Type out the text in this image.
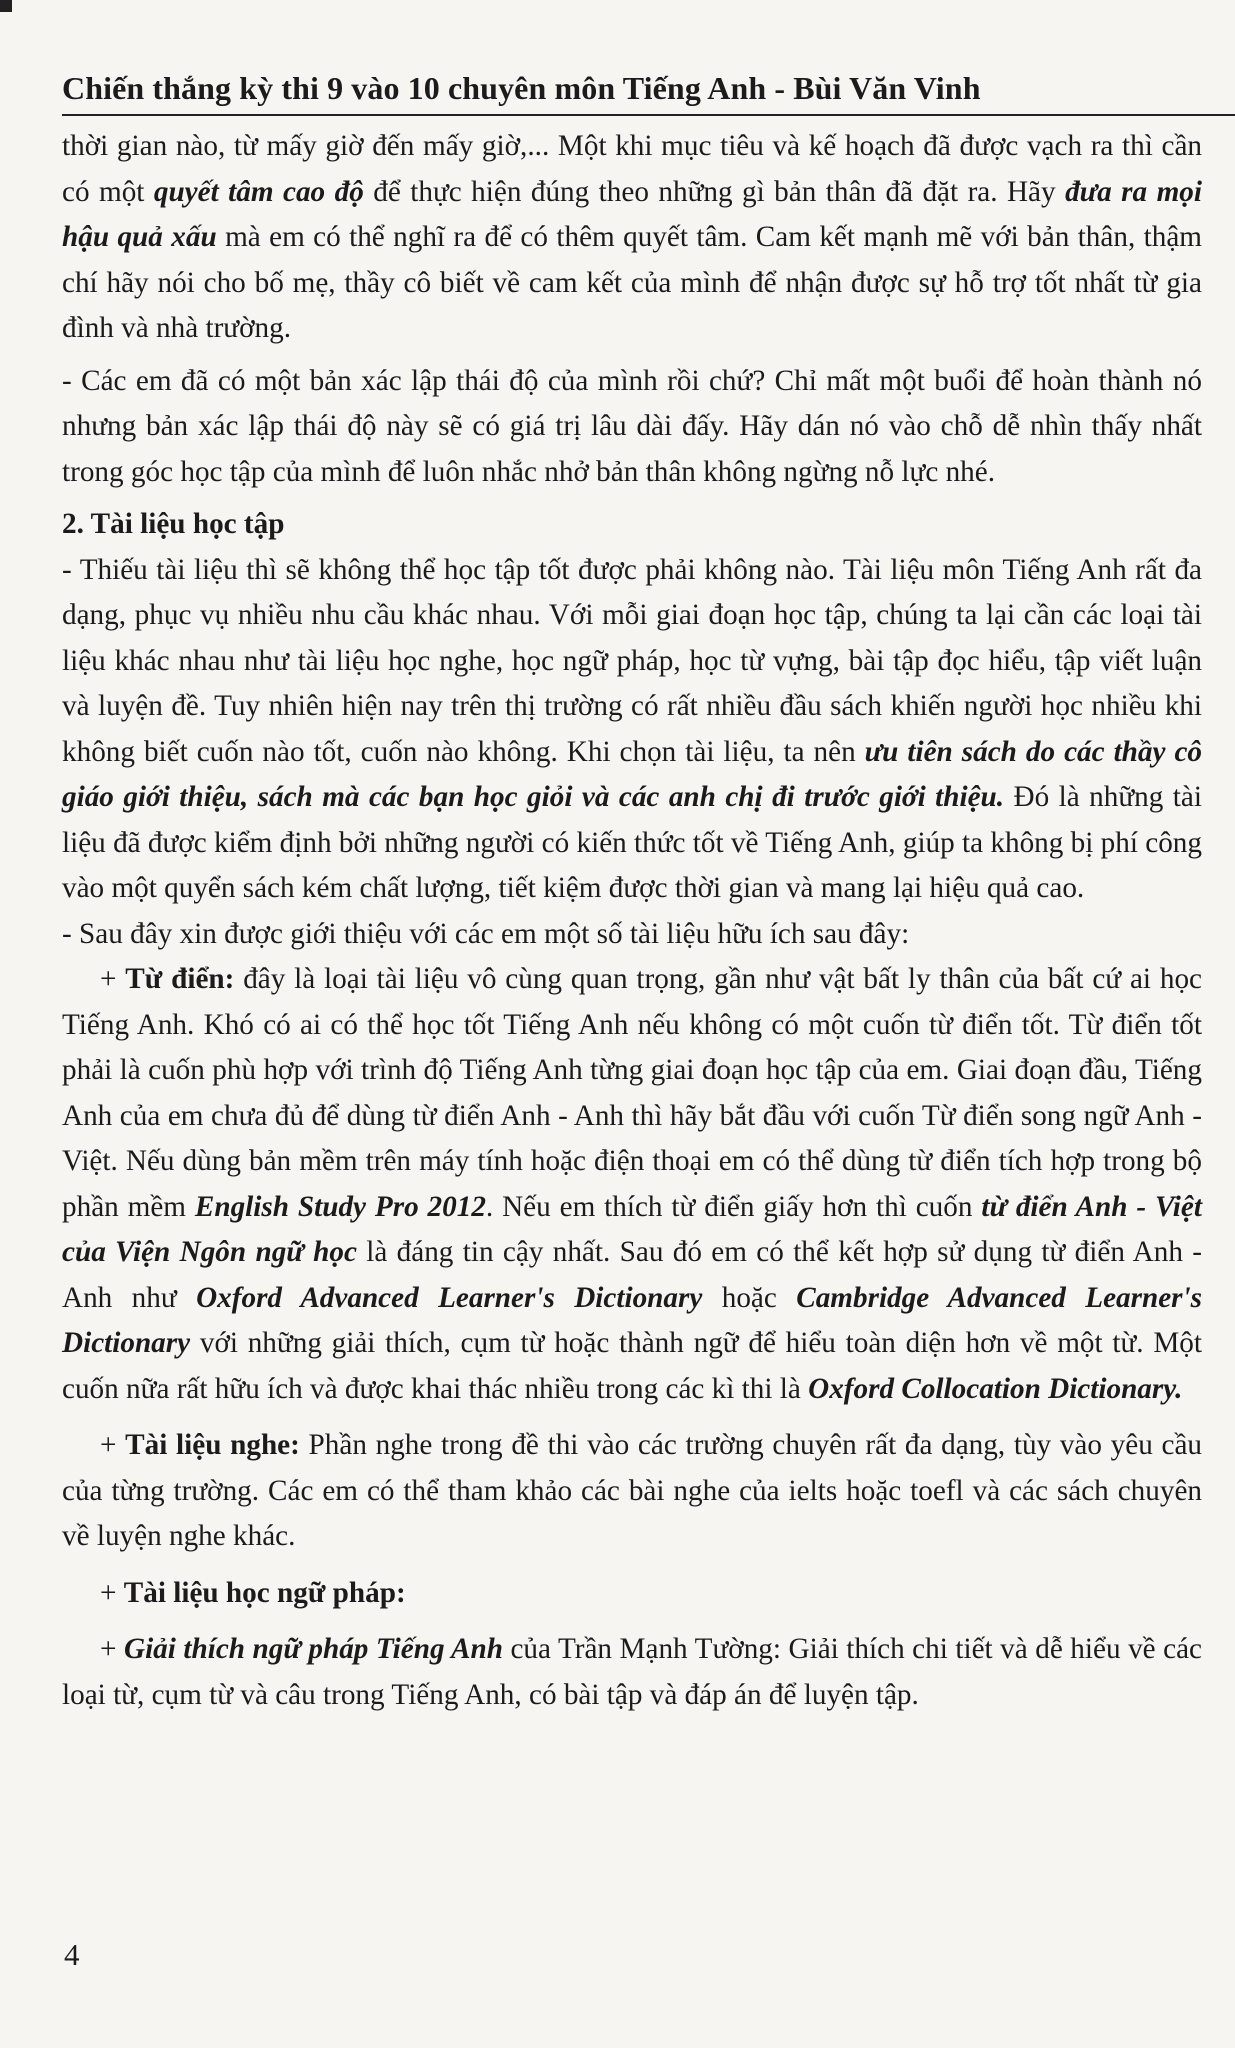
Chiến thắng kỳ thi 9 vào 10 chuyên môn Tiếng Anh - Bùi Văn Vinh

thời gian nào, từ mấy giờ đến mấy giờ,... Một khi mục tiêu và kế hoạch đã được vạch ra thì cần có một quyết tâm cao độ để thực hiện đúng theo những gì bản thân đã đặt ra. Hãy đưa ra mọi hậu quả xấu mà em có thể nghĩ ra để có thêm quyết tâm. Cam kết mạnh mẽ với bản thân, thậm chí hãy nói cho bố mẹ, thầy cô biết về cam kết của mình để nhận được sự hỗ trợ tốt nhất từ gia đình và nhà trường.

- Các em đã có một bản xác lập thái độ của mình rồi chứ? Chỉ mất một buổi để hoàn thành nó nhưng bản xác lập thái độ này sẽ có giá trị lâu dài đấy. Hãy dán nó vào chỗ dễ nhìn thấy nhất trong góc học tập của mình để luôn nhắc nhở bản thân không ngừng nỗ lực nhé.

2. Tài liệu học tập

- Thiếu tài liệu thì sẽ không thể học tập tốt được phải không nào. Tài liệu môn Tiếng Anh rất đa dạng, phục vụ nhiều nhu cầu khác nhau. Với mỗi giai đoạn học tập, chúng ta lại cần các loại tài liệu khác nhau như tài liệu học nghe, học ngữ pháp, học từ vựng, bài tập đọc hiểu, tập viết luận và luyện đề. Tuy nhiên hiện nay trên thị trường có rất nhiều đầu sách khiến người học nhiều khi không biết cuốn nào tốt, cuốn nào không. Khi chọn tài liệu, ta nên ưu tiên sách do các thầy cô giáo giới thiệu, sách mà các bạn học giỏi và các anh chị đi trước giới thiệu. Đó là những tài liệu đã được kiểm định bởi những người có kiến thức tốt về Tiếng Anh, giúp ta không bị phí công vào một quyển sách kém chất lượng, tiết kiệm được thời gian và mang lại hiệu quả cao.

- Sau đây xin được giới thiệu với các em một số tài liệu hữu ích sau đây:

+ Từ điển: đây là loại tài liệu vô cùng quan trọng, gần như vật bất ly thân của bất cứ ai học Tiếng Anh. Khó có ai có thể học tốt Tiếng Anh nếu không có một cuốn từ điển tốt. Từ điển tốt phải là cuốn phù hợp với trình độ Tiếng Anh từng giai đoạn học tập của em. Giai đoạn đầu, Tiếng Anh của em chưa đủ để dùng từ điển Anh - Anh thì hãy bắt đầu với cuốn Từ điển song ngữ Anh -Việt. Nếu dùng bản mềm trên máy tính hoặc điện thoại em có thể dùng từ điển tích hợp trong bộ phần mềm English Study Pro 2012. Nếu em thích từ điển giấy hơn thì cuốn từ điển Anh - Việt của Viện Ngôn ngữ học là đáng tin cậy nhất. Sau đó em có thể kết hợp sử dụng từ điển Anh - Anh như Oxford Advanced Learner's Dictionary hoặc Cambridge Advanced Learner's Dictionary với những giải thích, cụm từ hoặc thành ngữ để hiểu toàn diện hơn về một từ. Một cuốn nữa rất hữu ích và được khai thác nhiều trong các kì thi là Oxford Collocation Dictionary.

+ Tài liệu nghe: Phần nghe trong đề thi vào các trường chuyên rất đa dạng, tùy vào yêu cầu của từng trường. Các em có thể tham khảo các bài nghe của ielts hoặc toefl và các sách chuyên về luyện nghe khác.

+ Tài liệu học ngữ pháp:

+ Giải thích ngữ pháp Tiếng Anh của Trần Mạnh Tường: Giải thích chi tiết và dễ hiểu về các loại từ, cụm từ và câu trong Tiếng Anh, có bài tập và đáp án để luyện tập.

4
